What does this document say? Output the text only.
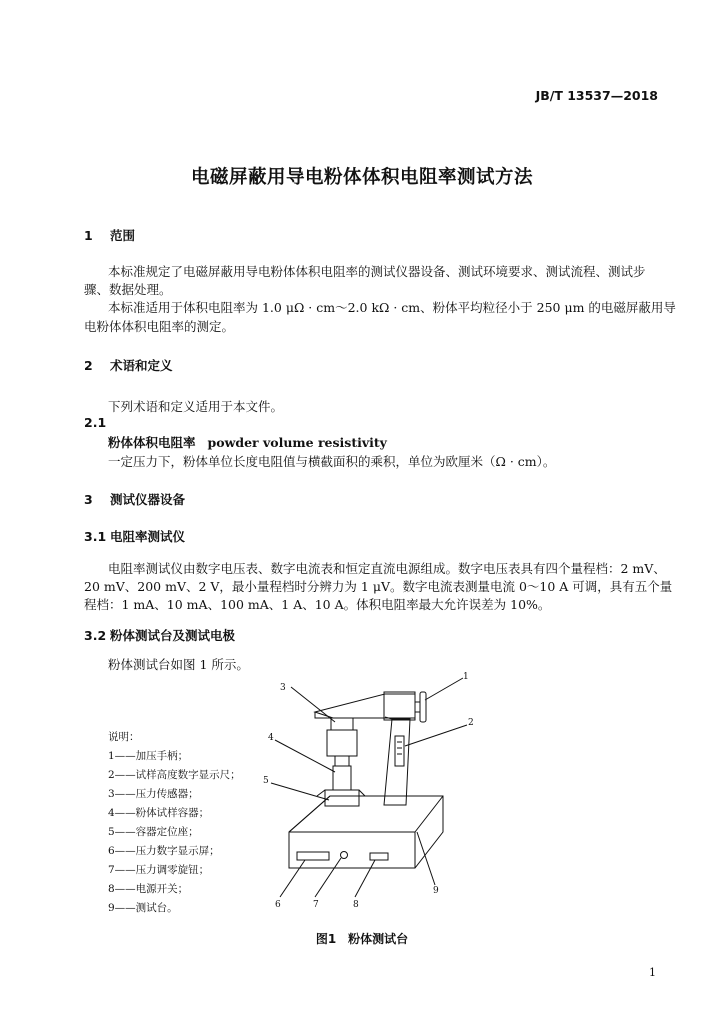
JB/T 13537—2018
电磁屏蔽用导电粉体体积电阻率测试方法
1 范围
本标准规定了电磁屏蔽用导电粉体体积电阻率的测试仪器设备、测试环境要求、测试流程、测试步
骤、数据处理。
本标准适用于体积电阻率为 1.0 μΩ · cm～2.0 kΩ · cm、粉体平均粒径小于 250 μm 的电磁屏蔽用导
电粉体体积电阻率的测定。
2 术语和定义
下列术语和定义适用于本文件。
2.1
粉体体积电阻率 powder volume resistivity
一定压力下，粉体单位长度电阻值与横截面积的乘积，单位为欧厘米（Ω · cm）。
3 测试仪器设备
3.1 电阻率测试仪
电阻率测试仪由数字电压表、数字电流表和恒定直流电源组成。数字电压表具有四个量程档：2 mV、
20 mV、200 mV、2 V，最小量程档时分辨力为 1 μV。数字电流表测量电流 0～10 A 可调，具有五个量
程档：1 mA、10 mA、100 mA、1 A、10 A。体积电阻率最大允许误差为 10%。
3.2 粉体测试台及测试电极
粉体测试台如图 1 所示。
说明：
1——加压手柄；
2——试样高度数字显示尺；
3——压力传感器；
4——粉体试样容器；
5——容器定位座；
6——压力数字显示屏；
7——压力调零旋钮；
8——电源开关；
9——测试台。
1
2
3
4
5
6	7	8
9
图1　粉体测试台
1
